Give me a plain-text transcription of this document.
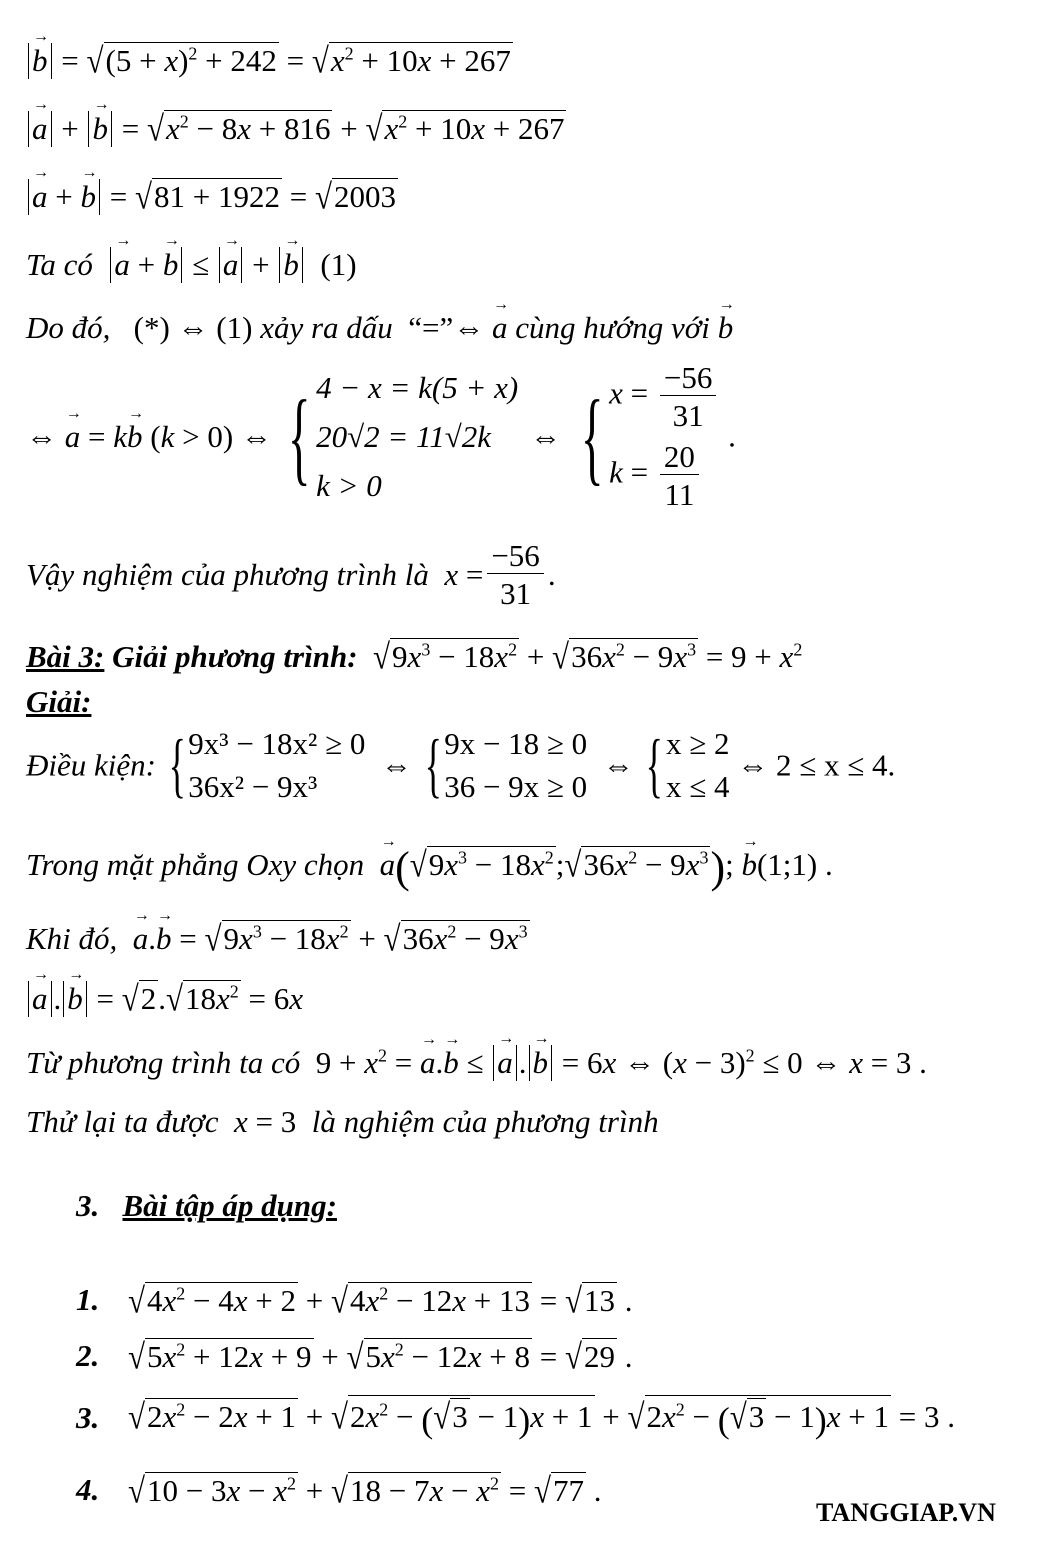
→ $b = √(5 + x)^2 + 242 = √x^2 + 10x + 267$
→ a + → $b = √x^2 - 8x + 816 + √x^2 + 10x + 267$
→ a + → b = √81 + 1922 = √2003
Ta có → a + → b ≤ → a + → b (1)
Do đó,   (*) ⇔ (1) xảy ra dấu “=”⇔ → a cùng hướng với → b
⇔ → a = k→ b (k > 0) ⇔ { 4 − x = k(5 + x)
20√2 = 11√2k
k > 0
⇔ { $x = \frac{-56}{31}$
$k = \frac{20}{11}$
.
Vậy nghiệm của phương trình là $x = \frac{-56}{31}$ .
Bài 3: Giải phương trình: $√9x^3 - 18x^2 + √36x^2 - 9x^3 = 9 + x^2$
Giải:
Điều kiện: { 9x³ − 18x² ≥ 0
36x² − 9x³
⇔ { 9x − 18 ≥ 0
36 − 9x ≥ 0
⇔ { x ≥ 2
x ≤ 4
⇔ 2 ≤ x ≤ 4.
Trong mặt phẳng Oxy chọn → $a(√9x^3$ − $18x^2;√36x^2 - 9x^3$); → b(1;1) .
Khi đó, → $a.\to b = √9x^3 - 18x^2 + √36x^2 - 9x^3$
→ a . → $b = √2.√18x^2 = 6x$
Từ phương trình ta có  $9 + x^2$ = → a.→ b ≤ → a . → b = 6x ⇔ $(x - 3)^2 \le 0$ ⇔ x = 3 .
Thử lại ta được x = 3  là nghiệm của phương trình
3. Bài tập áp dụng:
1. $√4x^2 - 4x + 2 + √4x^2 - 12x + 13 = √13$ .
2. $√5x^2 + 12x + 9 + √5x^2 - 12x + 8 = √29$ .
3. $√2x^2 - 2x + 1 + √2x^2 - (√3 - 1)x + 1 + √2x^2 - (√3 - 1)x + 1 = 3$ .
4. $√10 - 3x - x^2 + √18 - 7x - x^2 = √77$ .
TANGGIAP.VN
